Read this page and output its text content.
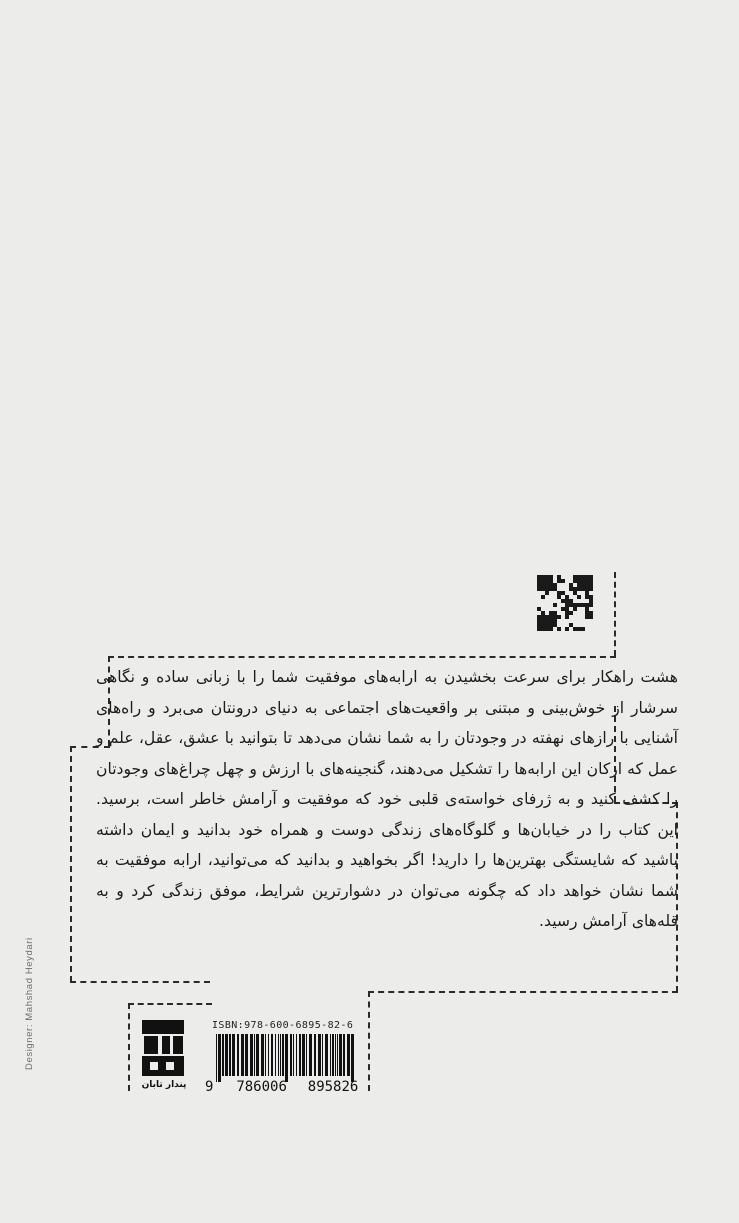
هشت راهکار برای سرعت بخشیدن به ارابه‌های موفقیت شما را با زبانی ساده و نگاهی سرشار از خوش‌بینی و مبتنی بر واقعیت‌های اجتماعی به دنیای درونتان می‌برد و راه‌های آشنایی با رازهای نهفته در وجودتان را به شما نشان می‌دهد تا بتوانید با عشق، عقل، علم و عمل که ارکان این ارابه‌ها را تشکیل می‌دهند، گنجینه‌های با ارزش و چهل چراغ‌های وجودتان را کشف کنید و به ژرفای خواسته‌ی قلبی خود که موفقیت و آرامش خاطر است، برسید. این کتاب را در خیابان‌ها و گلوگاه‌های زندگی دوست و همراه خود بدانید و ایمان داشته باشید که شایستگی بهترین‌ها را دارید! اگر بخواهید و بدانید که می‌توانید، ارابه موفقیت به شما نشان خواهد داد که چگونه می‌توان در دشوارترین شرایط، موفق زندگی کرد و به قله‌های آرامش رسید.

Designer: Mahshad Heydari
پندار تابان
ISBN:978-600-6895-82-6
9 786006 895826
